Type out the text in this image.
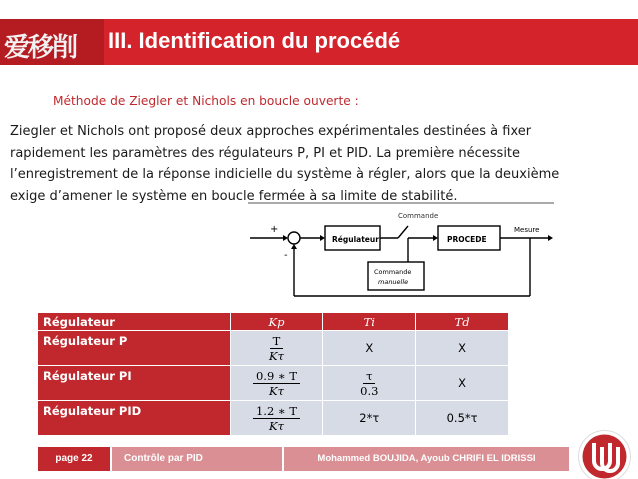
爱移削 III. Identification du procédé
Méthode de Ziegler et Nichols en boucle ouverte :
Ziegler et Nichols ont proposé deux approches expérimentales destinées à fixer rapidement les paramètres des régulateurs P, PI et PID. La première nécessite l’enregistrement de la réponse indicielle du système à régler, alors que la deuxième exige d’amener le système en boucle fermée à sa limite de stabilité.
Commande
+
-
Régulateur	PROCEDE
Mesure
Commande
manuelle
Régulateur	Kp	Ti	Td
Régulateur P	$\frac{T}{K\tau}$	X	X
Régulateur PI	$\frac{0.9 ∗ T}{K\tau}$	$\frac{\tau}{0.3}$	X
Régulateur PID	$\frac{1.2 ∗ T}{K\tau}$	2*τ	0.5*τ
page 22	Contrôle par PID	Mohammed BOUJIDA, Ayoub CHRIFI EL IDRISSI
